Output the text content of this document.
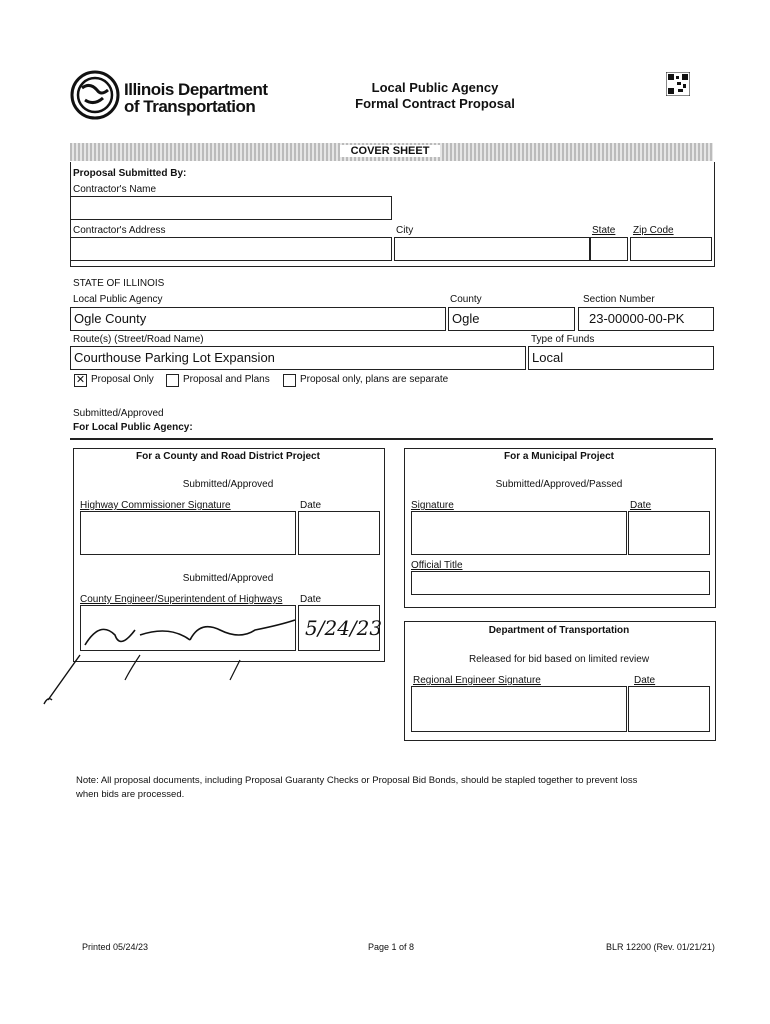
Illinois Department
of Transportation
Local Public Agency
Formal Contract Proposal
COVER SHEET
Proposal Submitted By:
Contractor's Name
Contractor's Address	City	State Zip Code
STATE OF ILLINOIS
Local Public Agency
Ogle County
County
Ogle
Section Number
23-00000-00-PK
Route(s) (Street/Road Name)
Courthouse Parking Lot Expansion
Type of Funds
Local
✕
Proposal Only	Proposal and Plans	Proposal only, plans are separate
Submitted/Approved
For Local Public Agency:
For a County and Road District Project
Submitted/Approved
Highway Commissioner Signature	Date
Submitted/Approved
County Engineer/Superintendent of Highways Date
5/24/23
For a Municipal Project
Submitted/Approved/Passed
Signature	Date
Official Title
Department of Transportation
Released for bid based on limited review
Regional Engineer Signature	Date
Note: All proposal documents, including Proposal Guaranty Checks or Proposal Bid Bonds, should be stapled together to prevent loss
when bids are processed.
Printed 05/24/23	Page 1 of 8	BLR 12200 (Rev. 01/21/21)
